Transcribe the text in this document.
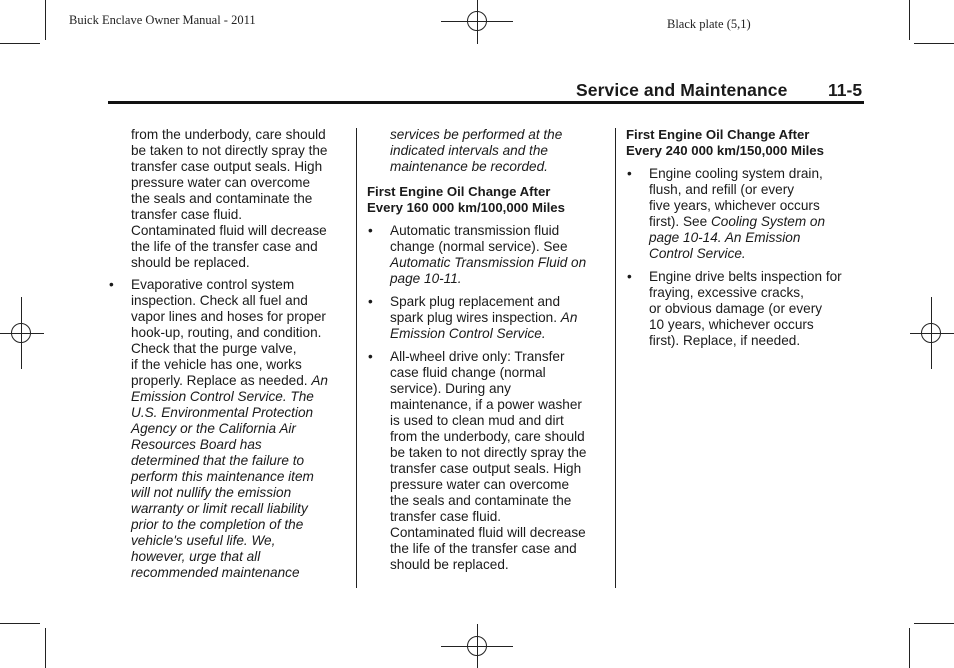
Buick Enclave Owner Manual - 2011	Black plate (5,1)
Service and Maintenance 11-5
from the underbody, care should
be taken to not directly spray the
transfer case output seals. High
pressure water can overcome
the seals and contaminate the
transfer case fluid.
Contaminated fluid will decrease
the life of the transfer case and
should be replaced.
• Evaporative control system
inspection. Check all fuel and
vapor lines and hoses for proper
hook-up, routing, and condition.
Check that the purge valve,
if the vehicle has one, works
properly. Replace as needed. An
Emission Control Service. The
U.S. Environmental Protection
Agency or the California Air
Resources Board has
determined that the failure to
perform this maintenance item
will not nullify the emission
warranty or limit recall liability
prior to the completion of the
vehicle's useful life. We,
however, urge that all
recommended maintenance
services be performed at the
indicated intervals and the
maintenance be recorded.
First Engine Oil Change After
Every 160 000 km/100,000 Miles
• Automatic transmission fluid
change (normal service). See
Automatic Transmission Fluid on
page 10-11.
• Spark plug replacement and
spark plug wires inspection. An
Emission Control Service.
• All-wheel drive only: Transfer
case fluid change (normal
service). During any
maintenance, if a power washer
is used to clean mud and dirt
from the underbody, care should
be taken to not directly spray the
transfer case output seals. High
pressure water can overcome
the seals and contaminate the
transfer case fluid.
Contaminated fluid will decrease
the life of the transfer case and
should be replaced.
First Engine Oil Change After
Every 240 000 km/150,000 Miles
• Engine cooling system drain,
flush, and refill (or every
five years, whichever occurs
first). See Cooling System on
page 10-14. An Emission
Control Service.
• Engine drive belts inspection for
fraying, excessive cracks,
or obvious damage (or every
10 years, whichever occurs
first). Replace, if needed.
